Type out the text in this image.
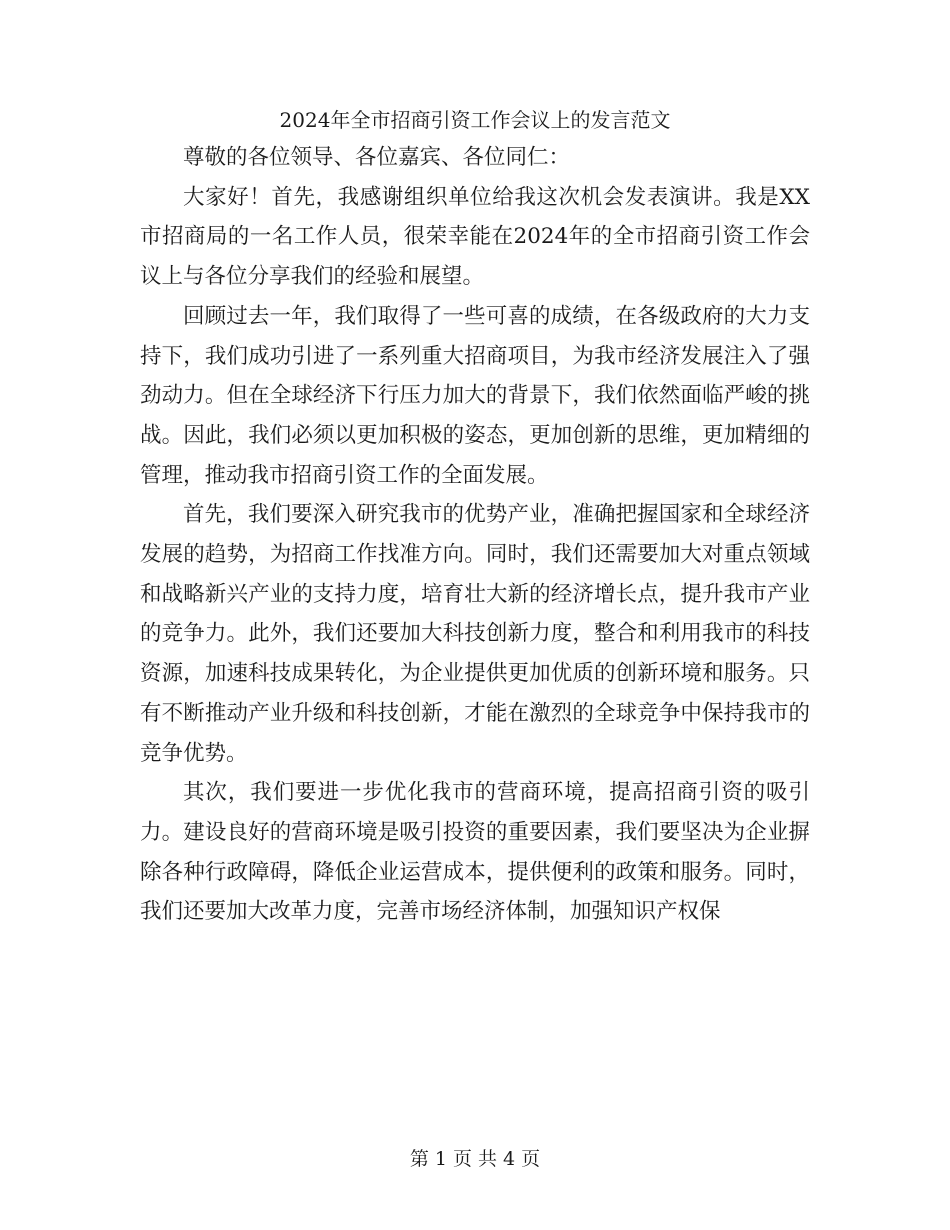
2024年全市招商引资工作会议上的发言范文

尊敬的各位领导、各位嘉宾、各位同仁：

大家好！首先，我感谢组织单位给我这次机会发表演讲。我是XX市招商局的一名工作人员，很荣幸能在2024年的全市招商引资工作会议上与各位分享我们的经验和展望。

回顾过去一年，我们取得了一些可喜的成绩，在各级政府的大力支持下，我们成功引进了一系列重大招商项目，为我市经济发展注入了强劲动力。但在全球经济下行压力加大的背景下，我们依然面临严峻的挑战。因此，我们必须以更加积极的姿态，更加创新的思维，更加精细的管理，推动我市招商引资工作的全面发展。

首先，我们要深入研究我市的优势产业，准确把握国家和全球经济发展的趋势，为招商工作找准方向。同时，我们还需要加大对重点领域和战略新兴产业的支持力度，培育壮大新的经济增长点，提升我市产业的竞争力。此外，我们还要加大科技创新力度，整合和利用我市的科技资源，加速科技成果转化，为企业提供更加优质的创新环境和服务。只有不断推动产业升级和科技创新，才能在激烈的全球竞争中保持我市的竞争优势。

其次，我们要进一步优化我市的营商环境，提高招商引资的吸引力。建设良好的营商环境是吸引投资的重要因素，我们要坚决为企业摒除各种行政障碍，降低企业运营成本，提供便利的政策和服务。同时，我们还要加大改革力度，完善市场经济体制，加强知识产权保

第 1 页 共 4 页
